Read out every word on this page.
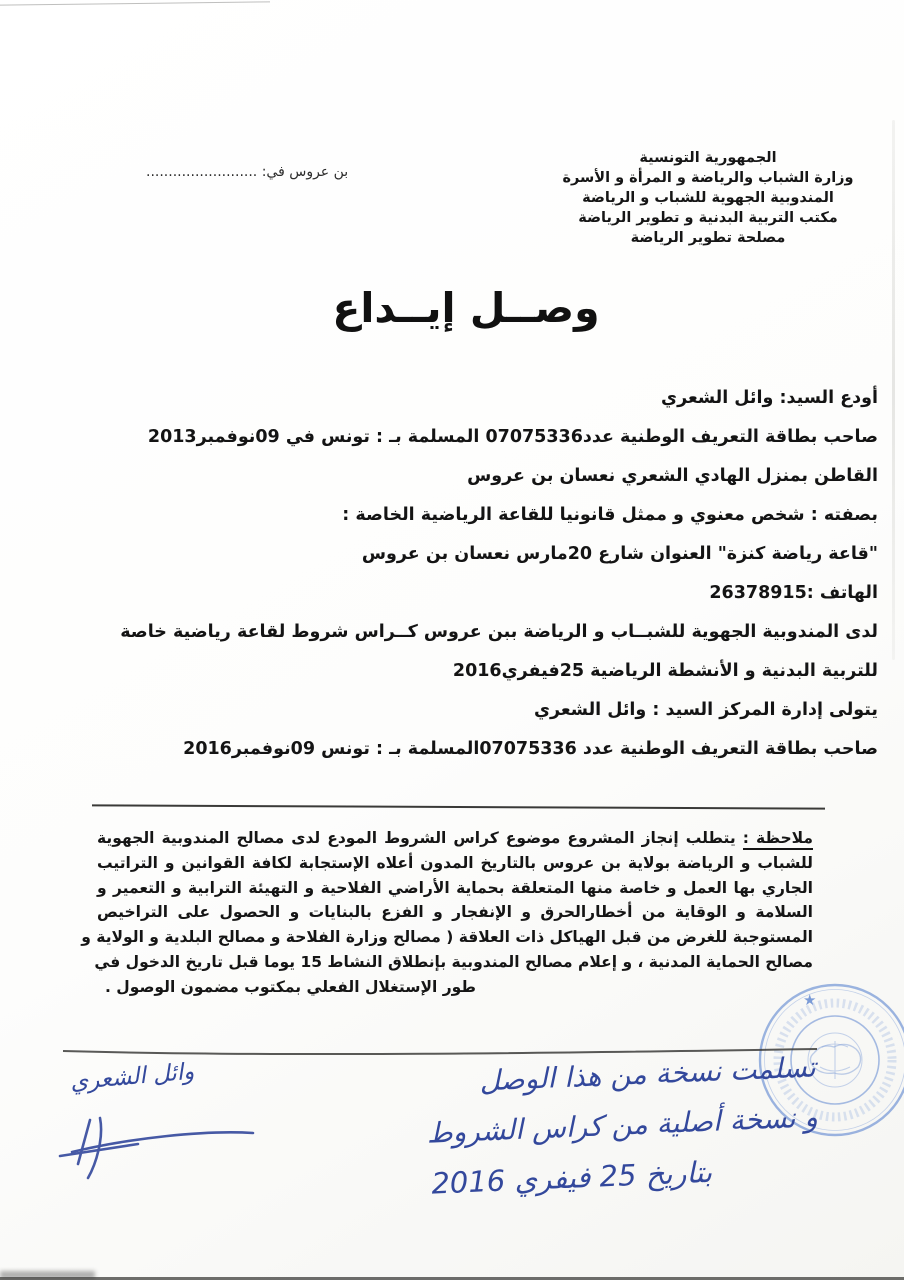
الجمهورية التونسية
وزارة الشباب والرياضة و المرأة و الأسرة
المندوبية الجهوية للشباب و الرياضة
مكتب التربية البدنية و تطوير الرياضة
مصلحة تطوير الرياضة
بن عروس في: .........................
وصــل إيــداع
أودع السيد: وائل الشعري
صاحب بطاقة التعريف الوطنية عدد07075336 المسلمة بـ : تونس في 09نوفمبر2013
القاطن بمنزل الهادي الشعري نعسان بن عروس
بصفته : شخص معنوي و ممثل قانونيا للقاعة الرياضية الخاصة :
"قاعة رياضة كنزة" العنوان شارع 20مارس نعسان بن عروس
الهاتف :26378915
لدى المندوبية الجهوية للشبــاب و الرياضة ببن عروس كــراس شروط لقاعة رياضية خاصة
للتربية البدنية و الأنشطة الرياضية 25فيفري2016
يتولى إدارة المركز السيد : وائل الشعري
صاحب بطاقة التعريف الوطنية عدد 07075336المسلمة بـ : تونس 09نوفمبر2016
ملاحظة : يتطلب إنجاز المشروع موضوع كراس الشروط المودع لدى مصالح المندوبية الجهوية
للشباب و الرياضة بولاية بن عروس بالتاريخ المدون أعلاه الإستجابة لكافة القوانين و التراتيب
الجاري بها العمل و خاصة منها المتعلقة بحماية الأراضي الفلاحية و التهيئة الترابية و التعمير و
السلامة و الوقاية من أخطارالحرق و الإنفجار و الفزع بالبنايات و الحصول على التراخيص
المستوجبة للغرض من قبل الهياكل ذات العلاقة ( مصالح وزارة الفلاحة و مصالح البلدية و الولاية و
مصالح الحماية المدنية ، و إعلام مصالح المندوبية بإنطلاق النشاط 15 يوما قبل تاريخ الدخول في
طور الإستغلال الفعلي بمكتوب مضمون الوصول .
★
تسلمت نسخة من هذا الوصل
و نسخة أصلية من كراس الشروط
بتاريخ 25 فيفري 2016
وائل الشعري
